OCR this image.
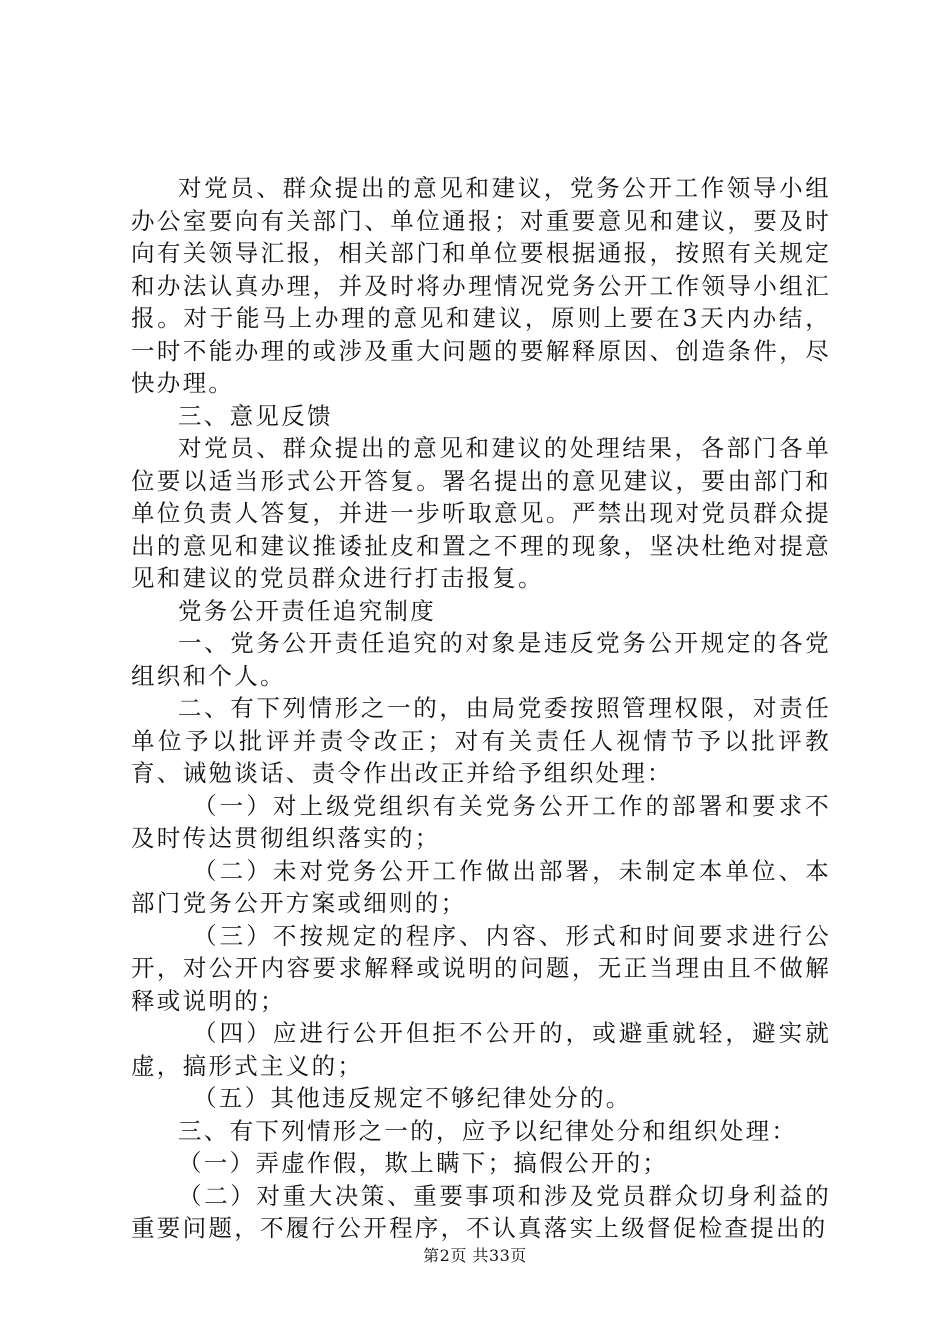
对党员、群众提出的意见和建议，党务公开工作领导小组办公室要向有关部门、单位通报；对重要意见和建议，要及时向有关领导汇报，相关部门和单位要根据通报，按照有关规定和办法认真办理，并及时将办理情况党务公开工作领导小组汇报。对于能马上办理的意见和建议，原则上要在3天内办结，一时不能办理的或涉及重大问题的要解释原因、创造条件，尽快办理。

三、意见反馈

对党员、群众提出的意见和建议的处理结果，各部门各单位要以适当形式公开答复。署名提出的意见建议，要由部门和单位负责人答复，并进一步听取意见。严禁出现对党员群众提出的意见和建议推诿扯皮和置之不理的现象，坚决杜绝对提意见和建议的党员群众进行打击报复。

党务公开责任追究制度

一、党务公开责任追究的对象是违反党务公开规定的各党组织和个人。

二、有下列情形之一的，由局党委按照管理权限，对责任单位予以批评并责令改正；对有关责任人视情节予以批评教育、诫勉谈话、责令作出改正并给予组织处理：

（一）对上级党组织有关党务公开工作的部署和要求不及时传达贯彻组织落实的；

（二）未对党务公开工作做出部署，未制定本单位、本部门党务公开方案或细则的；

（三）不按规定的程序、内容、形式和时间要求进行公开，对公开内容要求解释或说明的问题，无正当理由且不做解释或说明的；

（四）应进行公开但拒不公开的，或避重就轻，避实就虚，搞形式主义的；

（五）其他违反规定不够纪律处分的。

三、有下列情形之一的，应予以纪律处分和组织处理：

（一）弄虚作假，欺上瞒下；搞假公开的；

（二）对重大决策、重要事项和涉及党员群众切身利益的重要问题，不履行公开程序，不认真落实上级督促检查提出的

第2页 共33页
